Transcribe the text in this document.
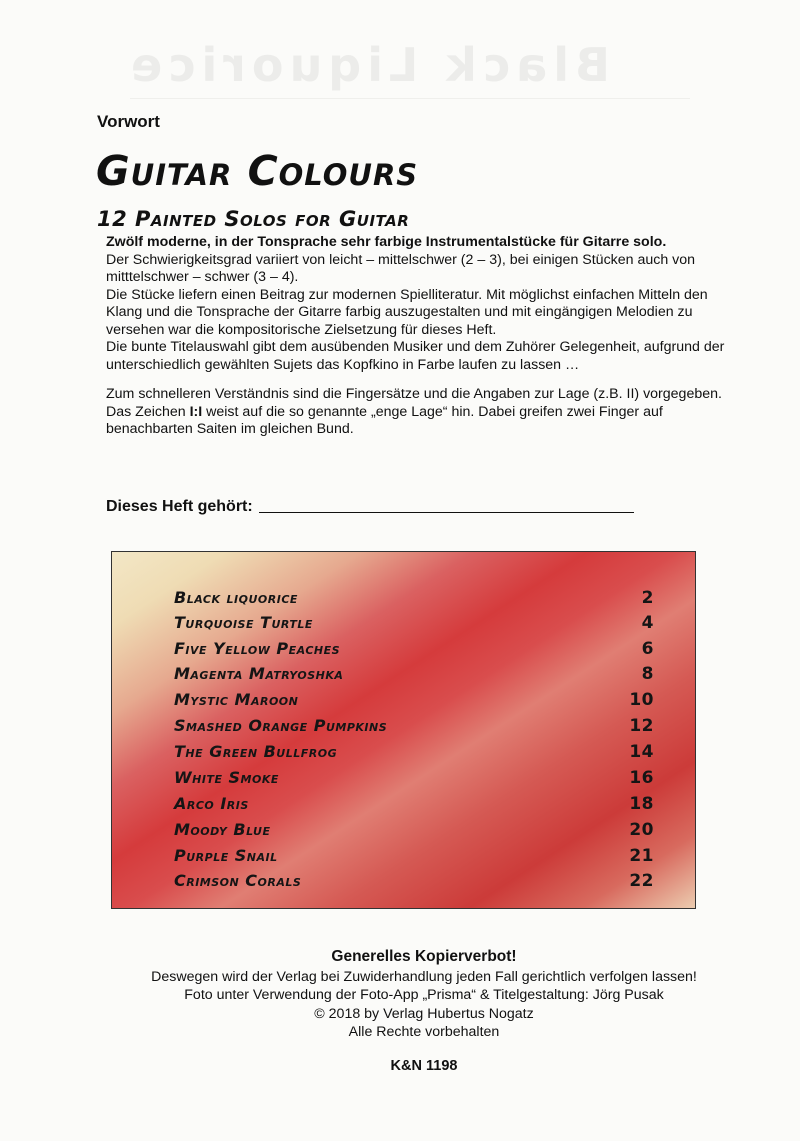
Black Liquorice
Vorwort
Guitar Colours
12 Painted Solos for Guitar

Zwölf moderne, in der Tonsprache sehr farbige Instrumentalstücke für Gitarre solo.

Der Schwierigkeitsgrad variiert von leicht – mittelschwer (2 – 3), bei einigen Stücken auch von mitttelschwer – schwer (3 – 4).

Die Stücke liefern einen Beitrag zur modernen Spielliteratur. Mit möglichst einfachen Mitteln den Klang und die Tonsprache der Gitarre farbig auszugestalten und mit eingängigen Melodien zu versehen war die kompositorische Zielsetzung für dieses Heft.

Die bunte Titelauswahl gibt dem ausübenden Musiker und dem Zuhörer Gelegenheit, aufgrund der unterschiedlich gewählten Sujets das Kopfkino in Farbe laufen zu lassen …

Zum schnelleren Verständnis sind die Fingersätze und die Angaben zur Lage (z.B. II) vorgegeben. Das Zeichen I:I weist auf die so genannte „enge Lage“ hin. Dabei greifen zwei Finger auf benachbarten Saiten im gleichen Bund.

Dieses Heft gehört:
Black liquorice	2
Turquoise Turtle	4
Five Yellow Peaches	6
Magenta Matryoshka	8
Mystic Maroon	10
Smashed Orange Pumpkins	12
The Green Bullfrog	14
White Smoke	16
Arco Iris	18
Moody Blue	20
Purple Snail	21
Crimson Corals	22
Generelles Kopierverbot!
Deswegen wird der Verlag bei Zuwiderhandlung jeden Fall gerichtlich verfolgen lassen!
Foto unter Verwendung der Foto-App „Prisma“ & Titelgestaltung: Jörg Pusak
© 2018 by Verlag Hubertus Nogatz
Alle Rechte vorbehalten
K&N 1198
